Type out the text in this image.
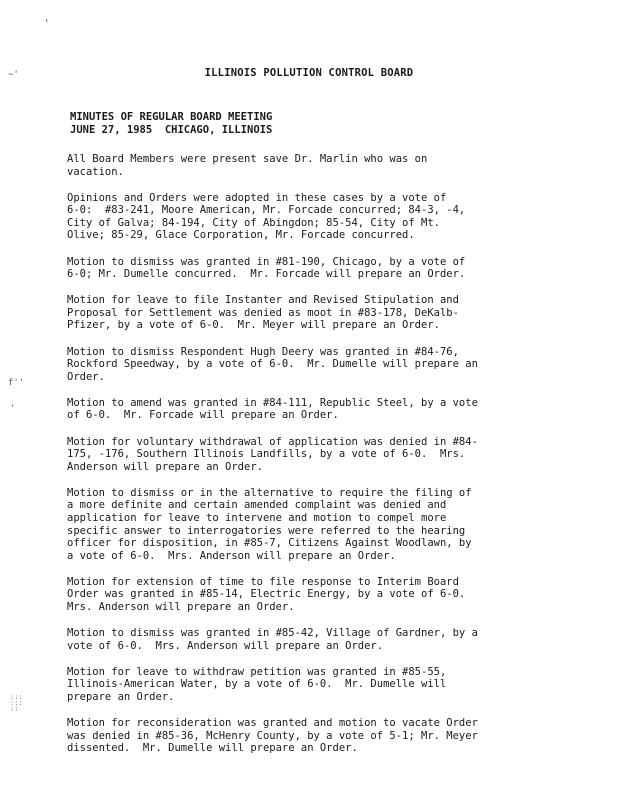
,
~'
f''
'
:::
:::
::
ILLINOIS POLLUTION CONTROL BOARD
MINUTES OF REGULAR BOARD MEETING
JUNE 27, 1985  CHICAGO, ILLINOIS
All Board Members were present save Dr. Marlin who was on
vacation.
Opinions and Orders were adopted in these cases by a vote of
6-0:  #83-241, Moore American, Mr. Forcade concurred; 84-3, -4,
City of Galva; 84-194, City of Abingdon; 85-54, City of Mt.
Olive; 85-29, Glace Corporation, Mr. Forcade concurred.
Motion to dismiss was granted in #81-190, Chicago, by a vote of
6-0; Mr. Dumelle concurred.  Mr. Forcade will prepare an Order.
Motion for leave to file Instanter and Revised Stipulation and
Proposal for Settlement was denied as moot in #83-178, DeKalb-
Pfizer, by a vote of 6-0.  Mr. Meyer will prepare an Order.
Motion to dismiss Respondent Hugh Deery was granted in #84-76,
Rockford Speedway, by a vote of 6-0.  Mr. Dumelle will prepare an
Order.
Motion to amend was granted in #84-111, Republic Steel, by a vote
of 6-0.  Mr. Forcade will prepare an Order.
Motion for voluntary withdrawal of application was denied in #84-
175, -176, Southern Illinois Landfills, by a vote of 6-0.  Mrs.
Anderson will prepare an Order.
Motion to dismiss or in the alternative to require the filing of
a more definite and certain amended complaint was denied and
application for leave to intervene and motion to compel more
specific answer to interrogatories were referred to the hearing
officer for disposition, in #85-7, Citizens Against Woodlawn, by
a vote of 6-0.  Mrs. Anderson will prepare an Order.
Motion for extension of time to file response to Interim Board
Order was granted in #85-14, Electric Energy, by a vote of 6-0.
Mrs. Anderson will prepare an Order.
Motion to dismiss was granted in #85-42, Village of Gardner, by a
vote of 6-0.  Mrs. Anderson will prepare an Order.
Motion for leave to withdraw petition was granted in #85-55,
Illinois-American Water, by a vote of 6-0.  Mr. Dumelle will
prepare an Order.
Motion for reconsideration was granted and motion to vacate Order
was denied in #85-36, McHenry County, by a vote of 5-1; Mr. Meyer
dissented.  Mr. Dumelle will prepare an Order.
